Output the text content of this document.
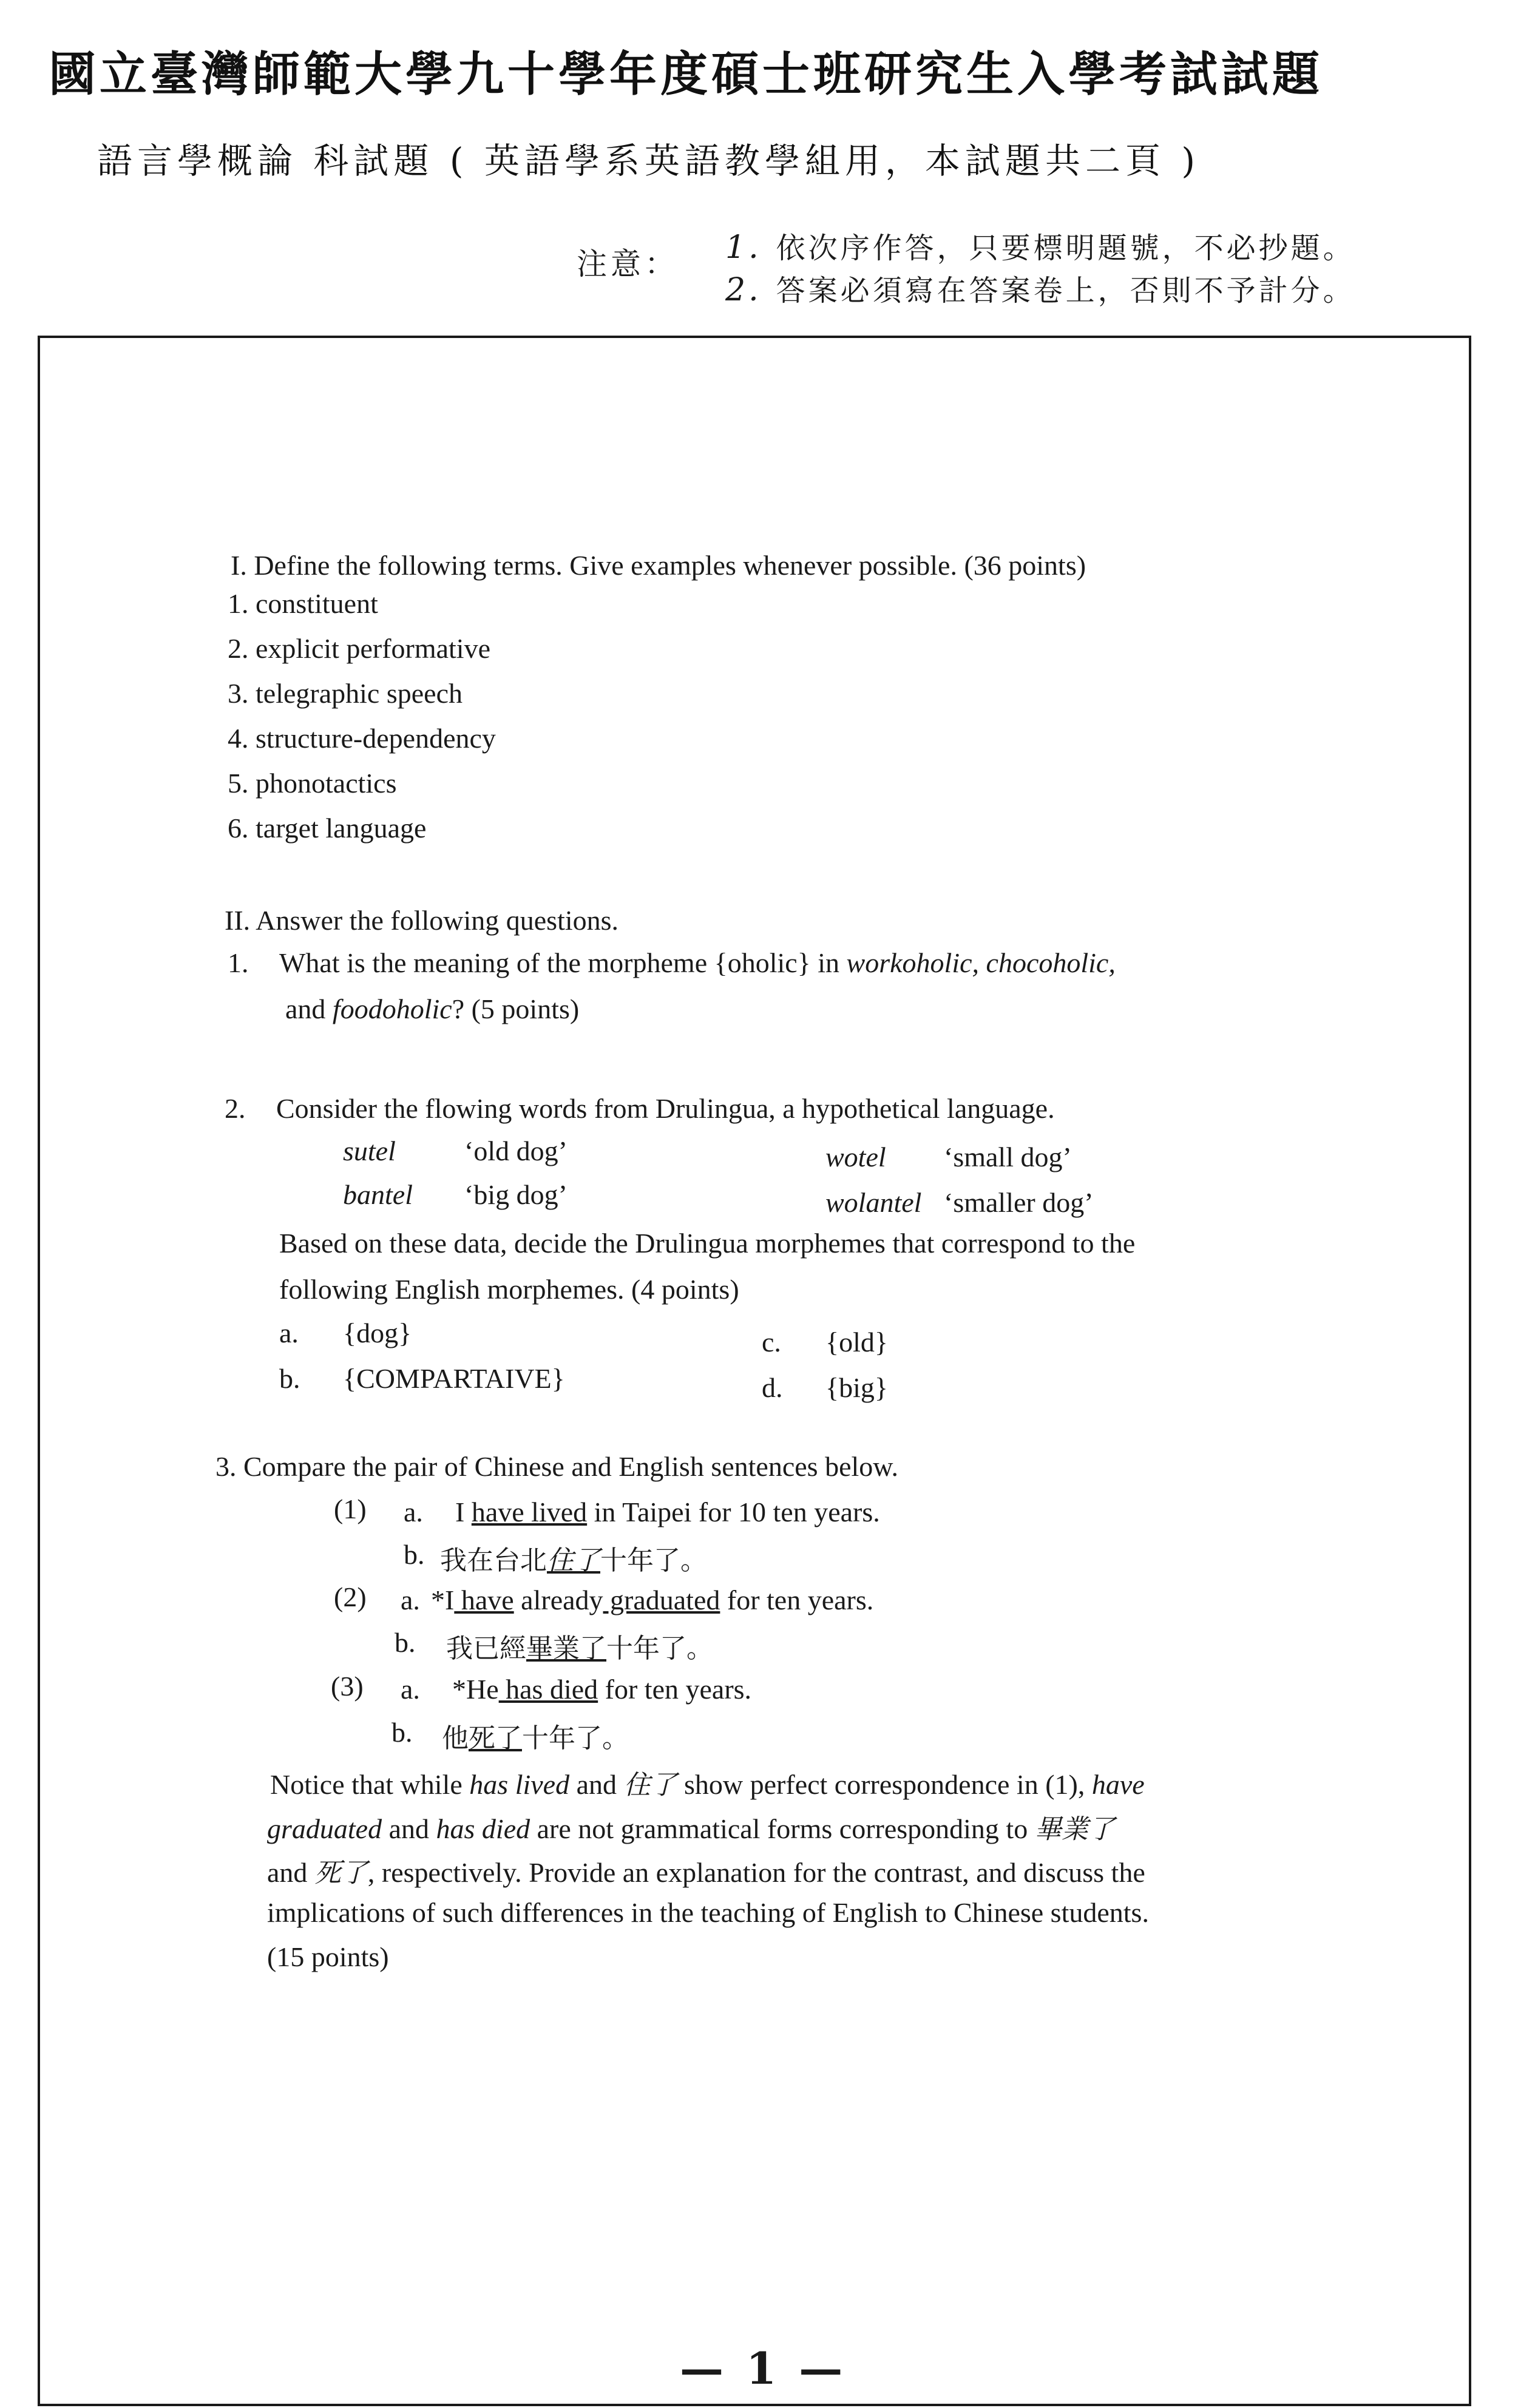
國立臺灣師範大學九十學年度碩士班研究生入學考試試題
語言學概論 科試題 ( 英語學系英語教學組用，本試題共二頁 )
注意： 1. 依次序作答，只要標明題號，不必抄題。
2. 答案必須寫在答案卷上，否則不予計分。
I. Define the following terms. Give examples whenever possible. (36 points)
1. constituent
2. explicit performative
3. telegraphic speech
4. structure-dependency
5. phonotactics
6. target language
II. Answer the following questions.
1. What is the meaning of the morpheme {oholic} in workoholic, chocoholic,
and foodoholic? (5 points)
2. Consider the flowing words from Drulingua, a hypothetical language.
sutel ‘old dog’	wotel ‘small dog’
bantel ‘big dog’	wolantel ‘smaller dog’
Based on these data, decide the Drulingua morphemes that correspond to the
following English morphemes. (4 points)
a. {dog}	c. {old}
b. {COMPARTAIVE}	d. {big}
3. Compare the pair of Chinese and English sentences below.
(1) a. I have lived in Taipei for 10 ten years.
b. 我在台北住了十年了。
(2) a. *I have already graduated for ten years.
b. 我已經畢業了十年了。
(3) a. *He has died for ten years.
b. 他死了十年了。
Notice that while has lived and 住了 show perfect correspondence in (1), have
graduated and has died are not grammatical forms corresponding to 畢業了
and 死了, respectively. Provide an explanation for the contrast, and discuss the
implications of such differences in the teaching of English to Chinese students.
(15 points)
— 1 —
